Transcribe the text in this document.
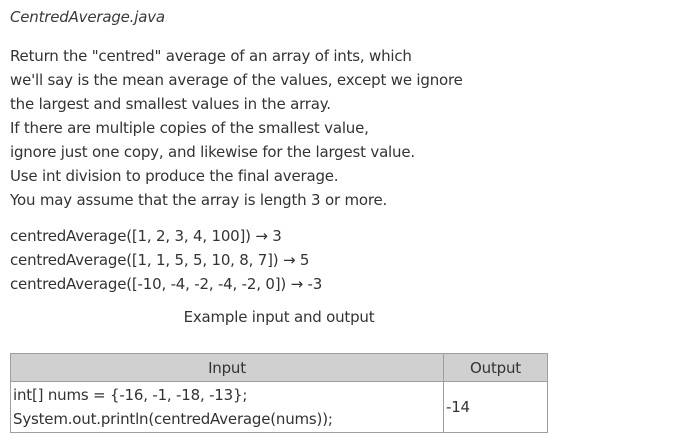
CentredAverage.java
Return the "centred" average of an array of ints, which
we'll say is the mean average of the values, except we ignore
the largest and smallest values in the array.
If there are multiple copies of the smallest value,
ignore just one copy, and likewise for the largest value.
Use int division to produce the final average.
You may assume that the array is length 3 or more.
centredAverage([1, 2, 3, 4, 100]) → 3
centredAverage([1, 1, 5, 5, 10, 8, 7]) → 5
centredAverage([-10, -4, -2, -4, -2, 0]) → -3
Example input and output
Input	Output

int[] nums = {-16, -1, -18, -13};
System.out.println(centredAverage(nums));	-14
